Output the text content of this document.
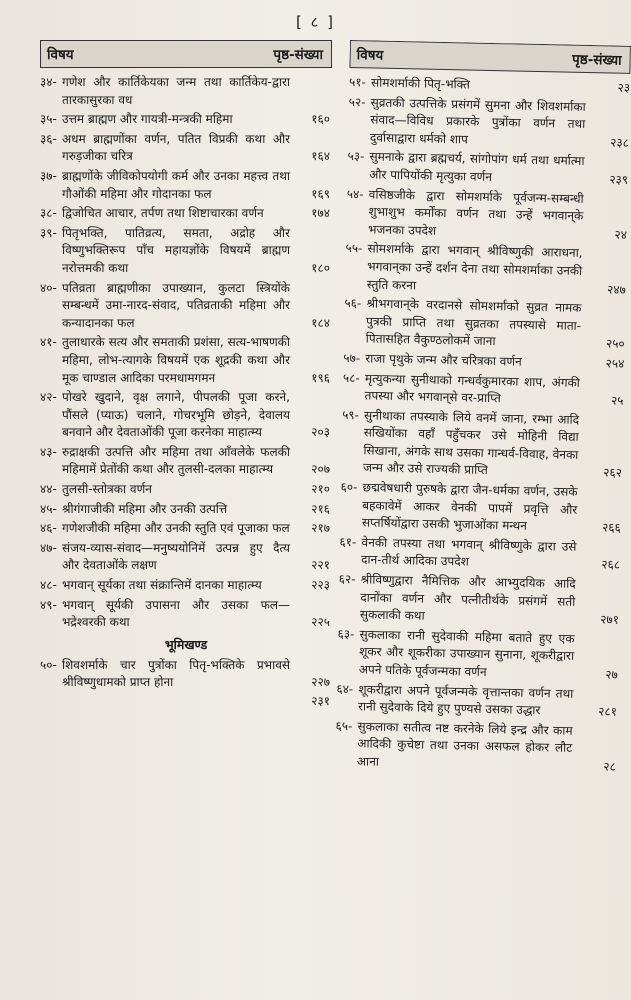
[ ८ ]
विषय	पृष्ठ-संख्या
३४- गणेश और कार्तिकेयका जन्म तथा कार्तिकेय-द्वारा तारकासुरका वध
३५- उत्तम ब्राह्मण और गायत्री-मन्त्रकी महिमा	१६०
३६- अधम ब्राह्मणोंका वर्णन, पतित विप्रकी कथा और गरुड़जीका चरित्र	१६४
३७- ब्राह्मणोंके जीविकोपयोगी कर्म और उनका महत्त्व तथा गौओंकी महिमा और गोदानका फल	१६९
३८- द्विजोचित आचार, तर्पण तथा शिष्टाचारका वर्णन	१७४
३९- पितृभक्ति, पातिव्रत्य, समता, अद्रोह और विष्णुभक्तिरूप पाँच महायज्ञोंके विषयमें ब्राह्मण नरोत्तमकी कथा	१८०
४०- पतिव्रता ब्राह्मणीका उपाख्यान, कुलटा स्त्रियोंके सम्बन्धमें उमा-नारद-संवाद, पतिव्रताकी महिमा और कन्यादानका फल	१८४
४१- तुलाधारके सत्य और समताकी प्रशंसा, सत्य-भाषणकी महिमा, लोभ-त्यागके विषयमें एक शूद्रकी कथा और मूक चाण्डाल आदिका परमधामगमन	१९६
४२- पोखरे खुदाने, वृक्ष लगाने, पीपलकी पूजा करने, पौंसले (प्याऊ) चलाने, गोचरभूमि छोड़ने, देवालय बनवाने और देवताओंकी पूजा करनेका माहात्म्य	२०३
४३- रुद्राक्षकी उत्पत्ति और महिमा तथा आँवलेके फलकी महिमामें प्रेतोंकी कथा और तुलसी-दलका माहात्म्य	२०७
४४- तुलसी-स्तोत्रका वर्णन	२१०
४५- श्रीगंगाजीकी महिमा और उनकी उत्पत्ति	२१६
४६- गणेशजीकी महिमा और उनकी स्तुति एवं पूजाका फल	२१७
४७- संजय-व्यास-संवाद—मनुष्ययोनिमें उत्पन्न हुए दैत्य और देवताओंके लक्षण	२२१
४८- भगवान् सूर्यका तथा संक्रान्तिमें दानका माहात्म्य	२२३
४९- भगवान् सूर्यकी उपासना और उसका फल—भद्रेश्वरकी कथा	२२५
भूमिखण्ड
५०- शिवशर्माके चार पुत्रोंका पितृ-भक्तिके प्रभावसे श्रीविष्णुधामको प्राप्त होना	२२७
२३१
विषय	पृष्ठ-संख्या
५१- सोमशर्माकी पितृ-भक्ति	२३
५२- सुव्रतकी उत्पत्तिके प्रसंगमें सुमना और शिवशर्माका संवाद—विविध प्रकारके पुत्रोंका वर्णन तथा दुर्वासाद्वारा धर्मको शाप	२३८
५३- सुमनाके द्वारा ब्रह्मचर्य, सांगोपांग धर्म तथा धर्मात्मा और पापियोंकी मृत्युका वर्णन	२३९
५४- वसिष्ठजीके द्वारा सोमशर्माके पूर्वजन्म-सम्बन्धी शुभाशुभ कर्मोंका वर्णन तथा उन्हें भगवान्‌के भजनका उपदेश	२४
५५- सोमशर्माके द्वारा भगवान् श्रीविष्णुकी आराधना, भगवान्‌का उन्हें दर्शन देना तथा सोमशर्माका उनकी स्तुति करना	२४७
५६- श्रीभगवान्‌के वरदानसे सोमशर्माको सुव्रत नामक पुत्रकी प्राप्ति तथा सुव्रतका तपस्यासे माता-पितासहित वैकुण्ठलोकमें जाना	२५०
५७- राजा पृथुके जन्म और चरित्रका वर्णन	२५४
५८- मृत्युकन्या सुनीथाको गन्धर्वकुमारका शाप, अंगकी तपस्या और भगवान्‌से वर-प्राप्ति	२५
५९- सुनीथाका तपस्याके लिये वनमें जाना, रम्भा आदि सखियोंका वहाँ पहुँचकर उसे मोहिनी विद्या सिखाना, अंगके साथ उसका गान्धर्व-विवाह, वेनका जन्म और उसे राज्यकी प्राप्ति	२६२
६०- छद्मवेषधारी पुरुषके द्वारा जैन-धर्मका वर्णन, उसके बहकावेमें आकर वेनकी पापमें प्रवृत्ति और सप्तर्षियोंद्वारा उसकी भुजाओंका मन्थन	२६६
६१- वेनकी तपस्या तथा भगवान् श्रीविष्णुके द्वारा उसे दान-तीर्थ आदिका उपदेश	२६८
६२- श्रीविष्णुद्वारा नैमित्तिक और आभ्युदयिक आदि दानोंका वर्णन और पत्नीतीर्थके प्रसंगमें सती सुकलाकी कथा	२७१
६३- सुकलाका रानी सुदेवाकी महिमा बताते हुए एक शूकर और शूकरीका उपाख्यान सुनाना, शूकरीद्वारा अपने पतिके पूर्वजन्मका वर्णन	२७
६४- शूकरीद्वारा अपने पूर्वजन्मके वृत्तान्तका वर्णन तथा रानी सुदेवाके दिये हुए पुण्यसे उसका उद्धार	२८१
६५- सुकलाका सतीत्व नष्ट करनेके लिये इन्द्र और काम आदिकी कुचेष्टा तथा उनका असफल होकर लौट आना	२८
